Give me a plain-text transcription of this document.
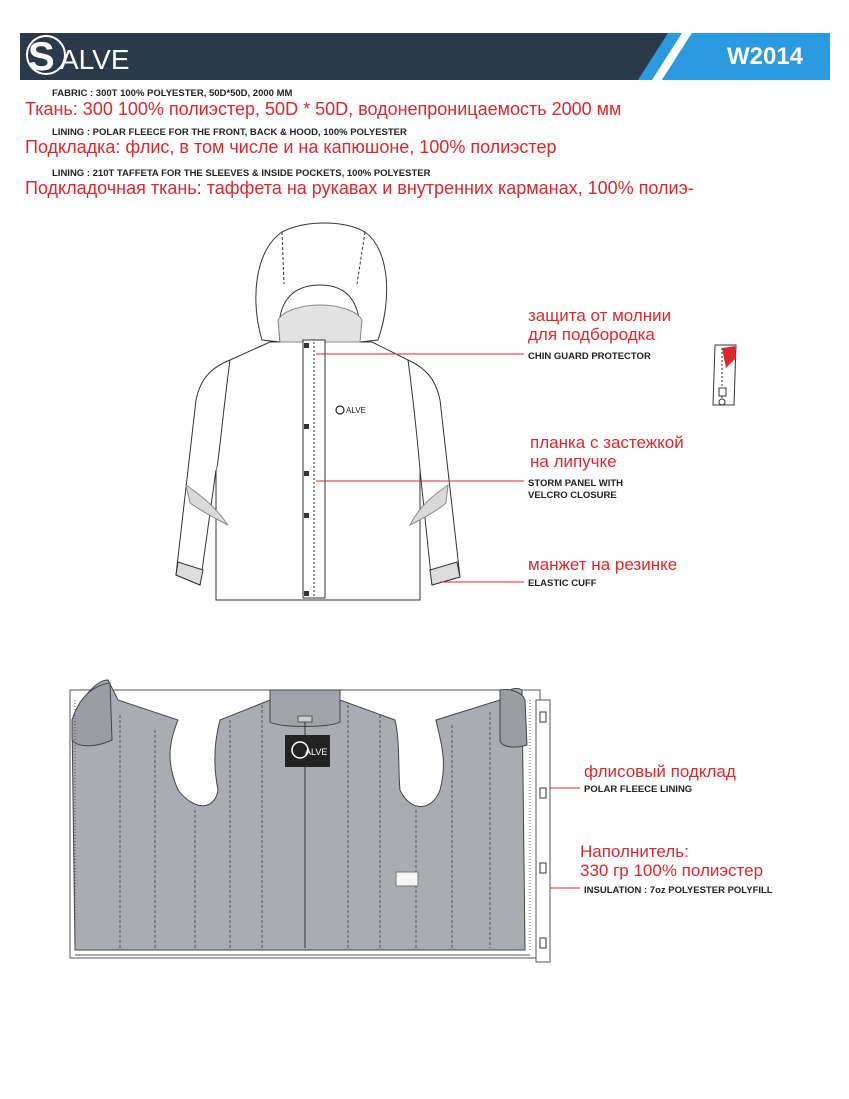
S ALVE	W2014
FABRIC : 300T 100% POLYESTER, 50D*50D, 2000 MM
Ткань: 300 100% полиэстер, 50D * 50D, водонепроницаемость 2000 мм
LINING : POLAR FLEECE FOR THE FRONT, BACK & HOOD, 100% POLYESTER
Подкладка: флис, в том числе и на капюшоне, 100% полиэстер
LINING : 210T TAFFETA FOR THE SLEEVES & INSIDE POCKETS, 100% POLYESTER
Подкладочная ткань: таффета на рукавах и внутренних карманах, 100% полиэ-
ALVE
ALVE
защита от молнии
для подбородка
CHIN GUARD PROTECTOR
планка с застежкой
на липучке
STORM PANEL WITH
VELCRO CLOSURE
манжет на резинке
ELASTIC CUFF
флисовый подклад
POLAR FLEECE LINING
Наполнитель:
330 гр 100% полиэстер
INSULATION : 7oz POLYESTER POLYFILL
